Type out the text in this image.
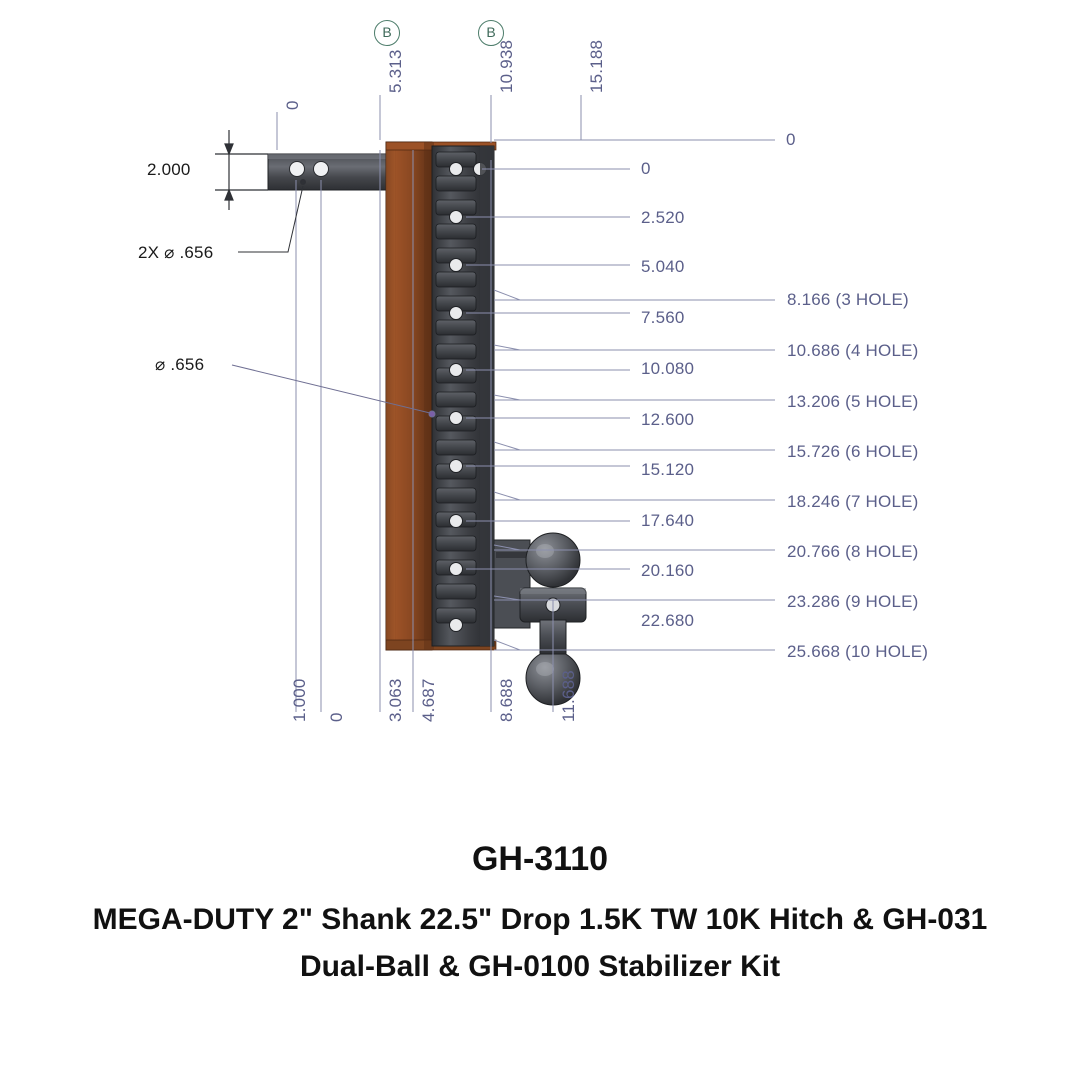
B	B
0
5.313	10.938	15.188
1.000 0 3.063 4.687	8.688	11.688
2.000
2X ⌀ .656
⌀ .656
0
0
2.520
5.040
7.560
10.080
12.600
15.120
17.640
20.160
22.680
8.166 (3 HOLE)
10.686 (4 HOLE)
13.206 (5 HOLE)
15.726 (6 HOLE)
18.246 (7 HOLE)
20.766 (8 HOLE)
23.286 (9 HOLE)
25.668 (10 HOLE)
GH-3110
MEGA-DUTY 2" Shank 22.5" Drop 1.5K TW 10K Hitch & GH-031
Dual-Ball & GH-0100 Stabilizer Kit
